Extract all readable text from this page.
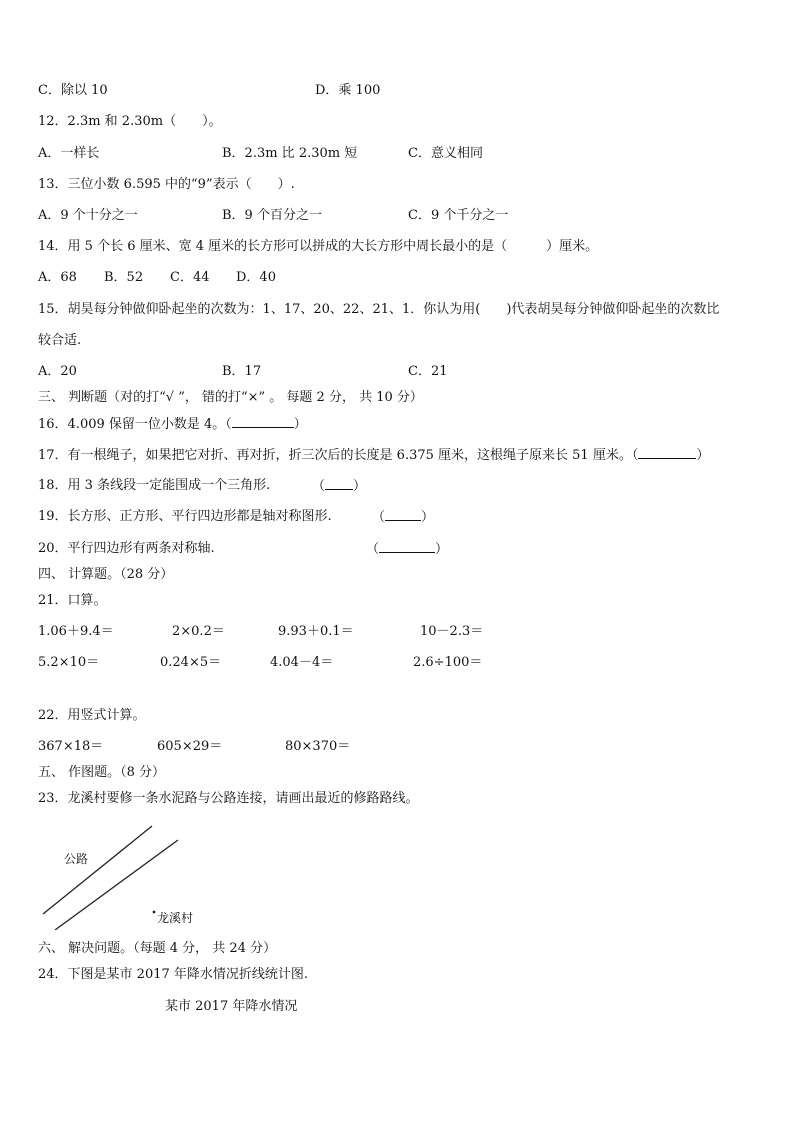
C．除以 10	D．乘 100
12．2.3m 和 2.30m（　　）。
A．一样长	B．2.3m 比 2.30m 短	C．意义相同
13．三位小数 6.595 中的“9”表示（　　）.
A．9 个十分之一	B．9 个百分之一	C．9 个千分之一
14．用 5 个长 6 厘米、宽 4 厘米的长方形可以拼成的大长方形中周长最小的是（　　　）厘米。
A．68 B．52 C．44 D．40
15．胡昊每分钟做仰卧起坐的次数为：1、17、20、22、21、1．你认为用(　　)代表胡昊每分钟做仰卧起坐的次数比
较合适.
A．20	B．17	C．21
三、 判断题（对的打“√ ”， 错的打“×” 。 每题 2 分， 共 10 分）
16．4.009 保留一位小数是 4。（	）
17．有一根绳子，如果把它对折、再对折，折三次后的长度是 6.375 厘米，这根绳子原来长 51 厘米。（	）
18．用 3 条线段一定能围成一个三角形.	（ ）
19．长方形、正方形、平行四边形都是轴对称图形.	（	）
20．平行四边形有两条对称轴.	（	）
四、 计算题。（28 分）
21．口算。
1.06＋9.4＝	2×0.2＝	9.93＋0.1＝	10－2.3＝
5.2×10＝	0.24×5＝	4.04－4＝	2.6÷100＝
22．用竖式计算。
367×18＝	605×29＝	80×370＝
五、 作图题。（8 分）
23．龙溪村要修一条水泥路与公路连接，请画出最近的修路路线。
公路
龙溪村
六、 解决问题。（每题 4 分， 共 24 分）
24．下图是某市 2017 年降水情况折线统计图.
某市 2017 年降水情况
